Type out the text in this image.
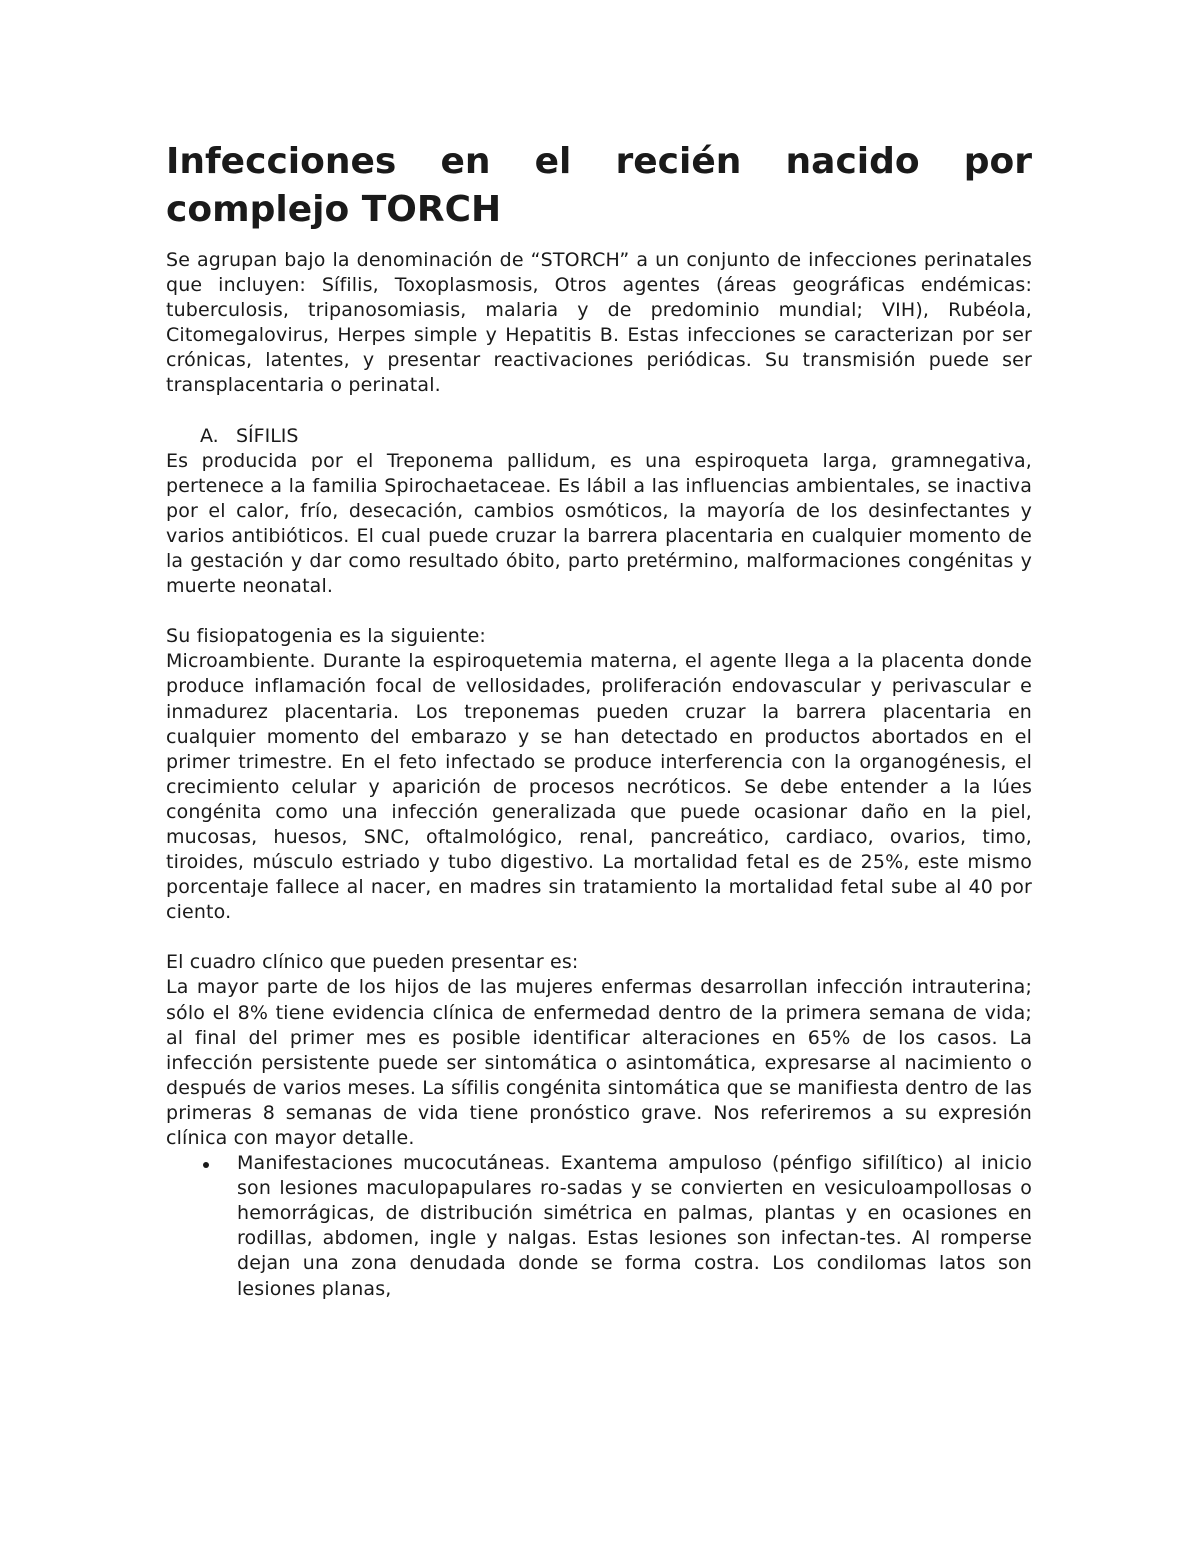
Infecciones en el recién nacido por
complejo TORCH

Se agrupan bajo la denominación de “STORCH” a un conjunto de infecciones perinatales que incluyen: Sífilis, Toxoplasmosis, Otros agentes (áreas geográficas endémicas: tuberculosis, tripanosomiasis, malaria y de predominio mundial; VIH), Rubéola, Citomegalovirus, Herpes simple y Hepatitis B. Estas infecciones se caracterizan por ser crónicas, latentes, y presentar reactivaciones periódicas. Su transmisión puede ser transplacentaria o perinatal.

A. SÍFILIS

Es producida por el Treponema pallidum, es una espiroqueta larga, gramnegativa, pertenece a la familia Spirochaetaceae. Es lábil a las influencias ambientales, se inactiva por el calor, frío, desecación, cambios osmóticos, la mayoría de los desinfectantes y varios antibióticos. El cual puede cruzar la barrera placentaria en cualquier momento de la gestación y dar como resultado óbito, parto pretérmino, malformaciones congénitas y muerte neonatal.

Su fisiopatogenia es la siguiente:

Microambiente. Durante la espiroquetemia materna, el agente llega a la placenta donde produce inflamación focal de vellosidades, proliferación endovascular y perivascular e inmadurez placentaria. Los treponemas pueden cruzar la barrera placentaria en cualquier momento del embarazo y se han detectado en productos abortados en el primer trimestre. En el feto infectado se produce interferencia con la organogénesis, el crecimiento celular y aparición de procesos necróticos. Se debe entender a la lúes congénita como una infección generalizada que puede ocasionar daño en la piel, mucosas, huesos, SNC, oftalmológico, renal, pancreático, cardiaco, ovarios, timo, tiroides, músculo estriado y tubo digestivo. La mortalidad fetal es de 25%, este mismo porcentaje fallece al nacer, en madres sin tratamiento la mortalidad fetal sube al 40 por ciento.

El cuadro clínico que pueden presentar es:

La mayor parte de los hijos de las mujeres enfermas desarrollan infección intrauterina; sólo el 8% tiene evidencia clínica de enfermedad dentro de la primera semana de vida; al final del primer mes es posible identificar alteraciones en 65% de los casos. La infección persistente puede ser sintomática o asintomática, expresarse al nacimiento o después de varios meses. La sífilis congénita sintomática que se manifiesta dentro de las primeras 8 semanas de vida tiene pronóstico grave. Nos referiremos a su expresión clínica con mayor detalle.

Manifestaciones mucocutáneas. Exantema ampuloso (pénfigo sifilítico) al inicio son lesiones maculopapulares ro-sadas y se convierten en vesiculoampollosas o hemorrágicas, de distribución simétrica en palmas, plantas y en ocasiones en rodillas, abdomen, ingle y nalgas. Estas lesiones son infectan-tes. Al romperse dejan una zona denudada donde se forma costra. Los condilomas latos son lesiones planas,
